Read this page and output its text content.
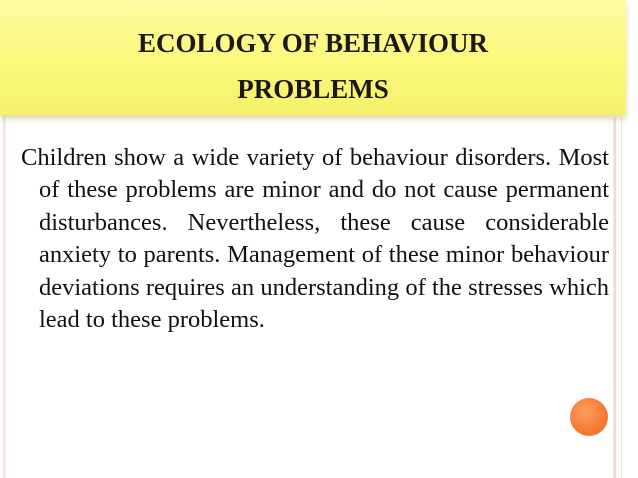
ECOLOGY OF BEHAVIOUR
PROBLEMS

Children show a wide variety of behaviour disorders. Most of these problems are minor and do not cause permanent disturbances. Nevertheless, these cause considerable anxiety to parents. Management of these minor behaviour deviations requires an understanding of the stresses which lead to these problems.
